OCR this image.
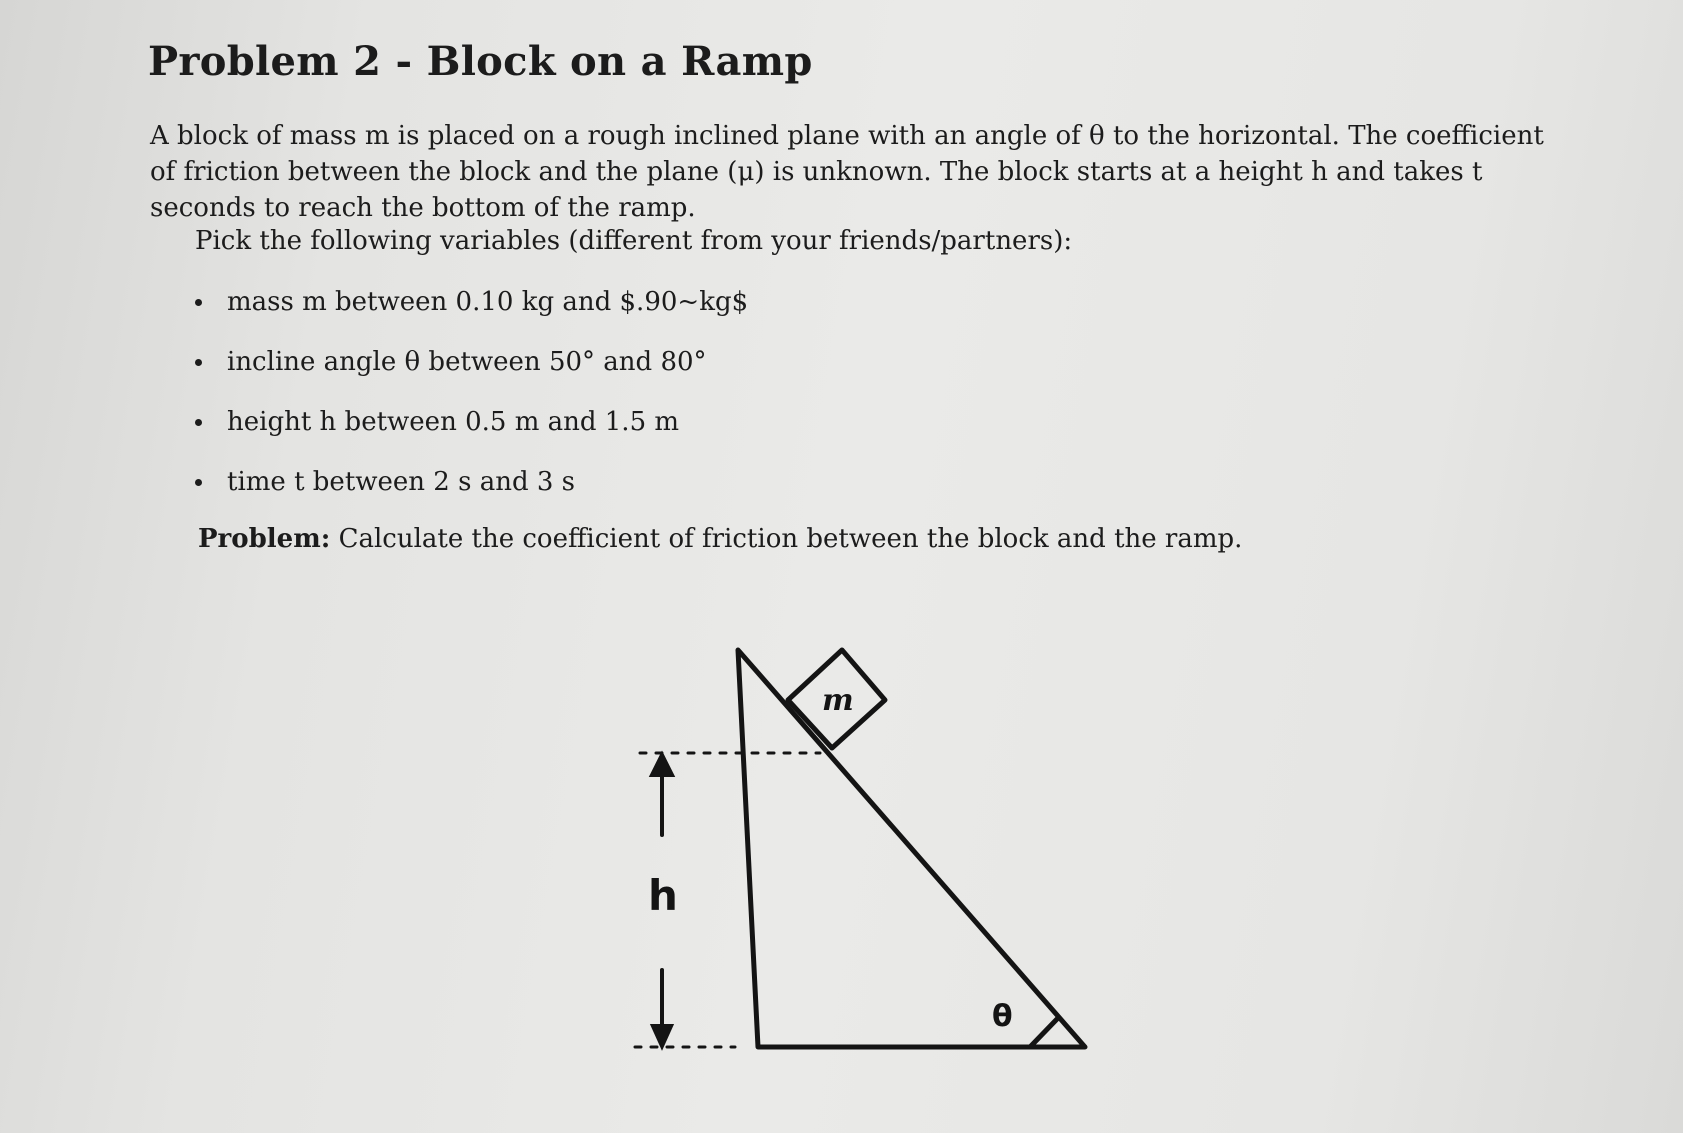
Problem 2 - Block on a Ramp
A block of mass m is placed on a rough inclined plane with an angle of θ to the horizontal. The coefficient of friction between the block and the plane (μ) is unknown. The block starts at a height h and takes t seconds to reach the bottom of the ramp.
Pick the following variables (different from your friends/partners):
mass m between 0.10 kg and $.90~kg$
incline angle θ between 50° and 80°
height h between 0.5 m and 1.5 m
time t between 2 s and 3 s
Problem: Calculate the coefficient of friction between the block and the ramp.
m
h
θ
